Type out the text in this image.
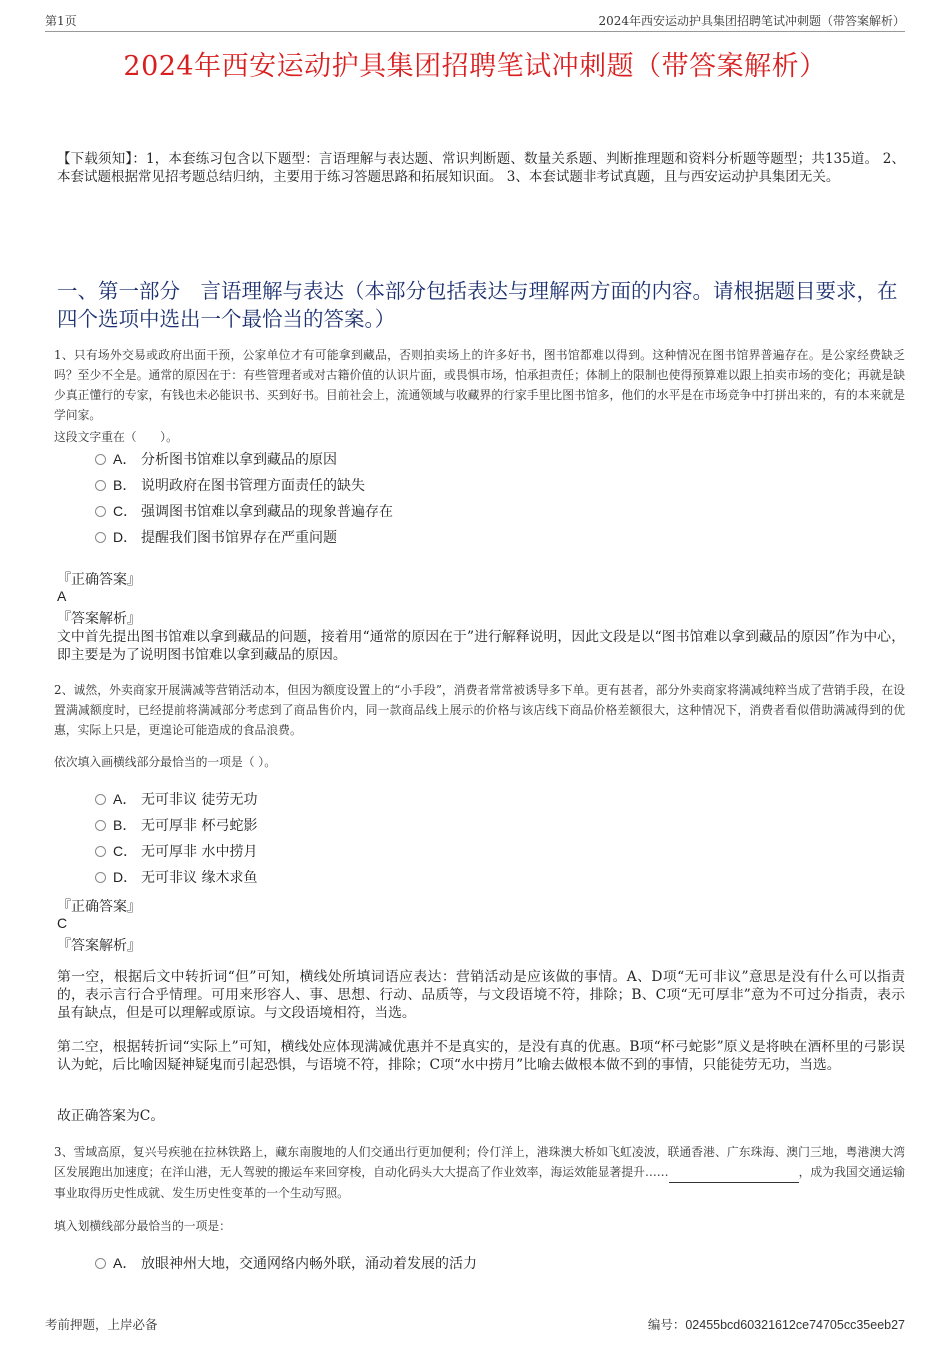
第1页	2024年西安运动护具集团招聘笔试冲刺题（带答案解析）
2024年西安运动护具集团招聘笔试冲刺题（带答案解析）
【下载须知】：1，本套练习包含以下题型：言语理解与表达题、常识判断题、数量关系题、判断推理题和资料分析题等题型；共135道。 2、本套试题根据常见招考题总结归纳，主要用于练习答题思路和拓展知识面。 3、本套试题非考试真题，且与西安运动护具集团无关。
一、第一部分　言语理解与表达（本部分包括表达与理解两方面的内容。请根据题目要求，在四个选项中选出一个最恰当的答案。）
1、只有场外交易或政府出面干预，公家单位才有可能拿到藏品，否则拍卖场上的许多好书，图书馆都难以得到。这种情况在图书馆界普遍存在。是公家经费缺乏吗？至少不全是。通常的原因在于：有些管理者或对古籍价值的认识片面，或畏惧市场，怕承担责任；体制上的限制也使得预算难以跟上拍卖市场的变化；再就是缺少真正懂行的专家，有钱也未必能识书、买到好书。目前社会上，流通领域与收藏界的行家手里比图书馆多，他们的水平是在市场竞争中打拼出来的，有的本来就是学问家。
这段文字重在（　　）。
A． 分析图书馆难以拿到藏品的原因
B． 说明政府在图书管理方面责任的缺失
C． 强调图书馆难以拿到藏品的现象普遍存在
D． 提醒我们图书馆界存在严重问题
『正确答案』
A
『答案解析』
文中首先提出图书馆难以拿到藏品的问题，接着用“通常的原因在于”进行解释说明，因此文段是以“图书馆难以拿到藏品的原因”作为中心，即主要是为了说明图书馆难以拿到藏品的原因。
2、诚然，外卖商家开展满减等营销活动本，但因为额度设置上的“小手段”，消费者常常被诱导多下单。更有甚者，部分外卖商家将满减纯粹当成了营销手段，在设置满减额度时，已经提前将满减部分考虑到了商品售价内，同一款商品线上展示的价格与该店线下商品价格差额很大，这种情况下，消费者看似借助满减得到的优惠，实际上只是，更遑论可能造成的食品浪费。
依次填入画横线部分最恰当的一项是（ ）。
A． 无可非议 徒劳无功
B． 无可厚非 杯弓蛇影
C． 无可厚非 水中捞月
D． 无可非议 缘木求鱼
『正确答案』
C
『答案解析』
第一空，根据后文中转折词“但”可知，横线处所填词语应表达：营销活动是应该做的事情。A、D项“无可非议”意思是没有什么可以指责的，表示言行合乎情理。可用来形容人、事、思想、行动、品质等，与文段语境不符，排除；B、C项“无可厚非”意为不可过分指责，表示虽有缺点，但是可以理解或原谅。与文段语境相符，当选。
第二空，根据转折词“实际上”可知，横线处应体现满减优惠并不是真实的，是没有真的优惠。B项“杯弓蛇影”原义是将映在酒杯里的弓影误认为蛇，后比喻因疑神疑鬼而引起恐惧，与语境不符，排除；C项“水中捞月”比喻去做根本做不到的事情，只能徒劳无功，当选。
故正确答案为C。
3、雪域高原，复兴号疾驰在拉林铁路上，藏东南腹地的人们交通出行更加便利；伶仃洋上，港珠澳大桥如飞虹凌波，联通香港、广东珠海、澳门三地，粤港澳大湾区发展跑出加速度；在洋山港，无人驾驶的搬运车来回穿梭，自动化码头大大提高了作业效率，海运效能显著提升……	，成为我国交通运输事业取得历史性成就、发生历史性变革的一个生动写照。
填入划横线部分最恰当的一项是：
A． 放眼神州大地，交通网络内畅外联，涌动着发展的活力
考前押题，上岸必备	编号：02455bcd60321612ce74705cc35eeb27
